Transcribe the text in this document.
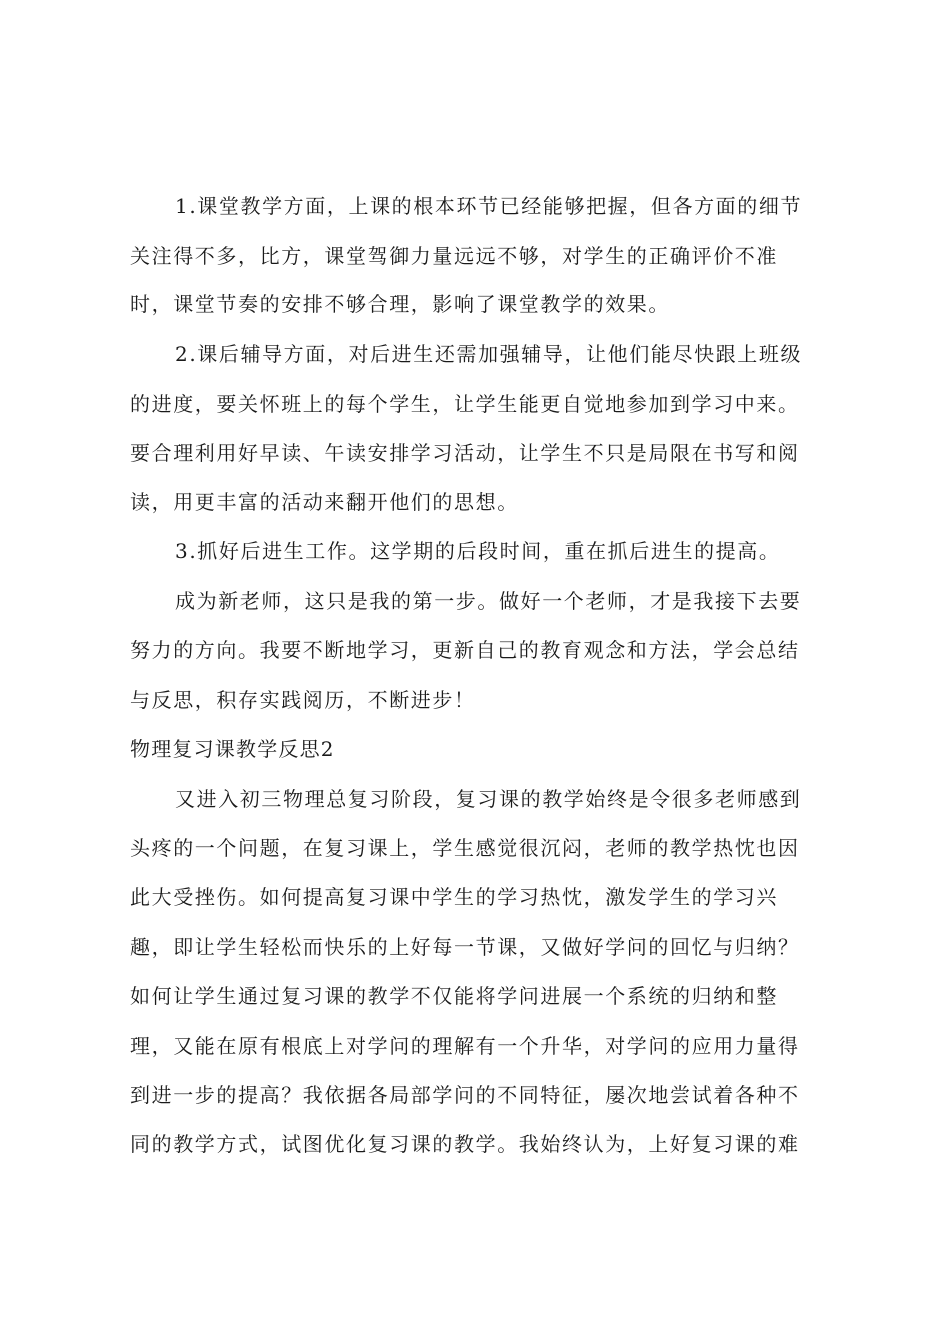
1.课堂教学方面，上课的根本环节已经能够把握，但各方面的细节
关注得不多，比方，课堂驾御力量远远不够，对学生的正确评价不准
时，课堂节奏的安排不够合理，影响了课堂教学的效果。
2.课后辅导方面，对后进生还需加强辅导，让他们能尽快跟上班级
的进度，要关怀班上的每个学生，让学生能更自觉地参加到学习中来。
要合理利用好早读、午读安排学习活动，让学生不只是局限在书写和阅
读，用更丰富的活动来翻开他们的思想。
3.抓好后进生工作。这学期的后段时间，重在抓后进生的提高。
成为新老师，这只是我的第一步。做好一个老师，才是我接下去要
努力的方向。我要不断地学习，更新自己的教育观念和方法，学会总结
与反思，积存实践阅历，不断进步！
物理复习课教学反思2
又进入初三物理总复习阶段，复习课的教学始终是令很多老师感到
头疼的一个问题，在复习课上，学生感觉很沉闷，老师的教学热忱也因
此大受挫伤。如何提高复习课中学生的学习热忱，激发学生的学习兴
趣，即让学生轻松而快乐的上好每一节课，又做好学问的回忆与归纳？
如何让学生通过复习课的教学不仅能将学问进展一个系统的归纳和整
理，又能在原有根底上对学问的理解有一个升华，对学问的应用力量得
到进一步的提高？我依据各局部学问的不同特征，屡次地尝试着各种不
同的教学方式，试图优化复习课的教学。我始终认为，上好复习课的难
